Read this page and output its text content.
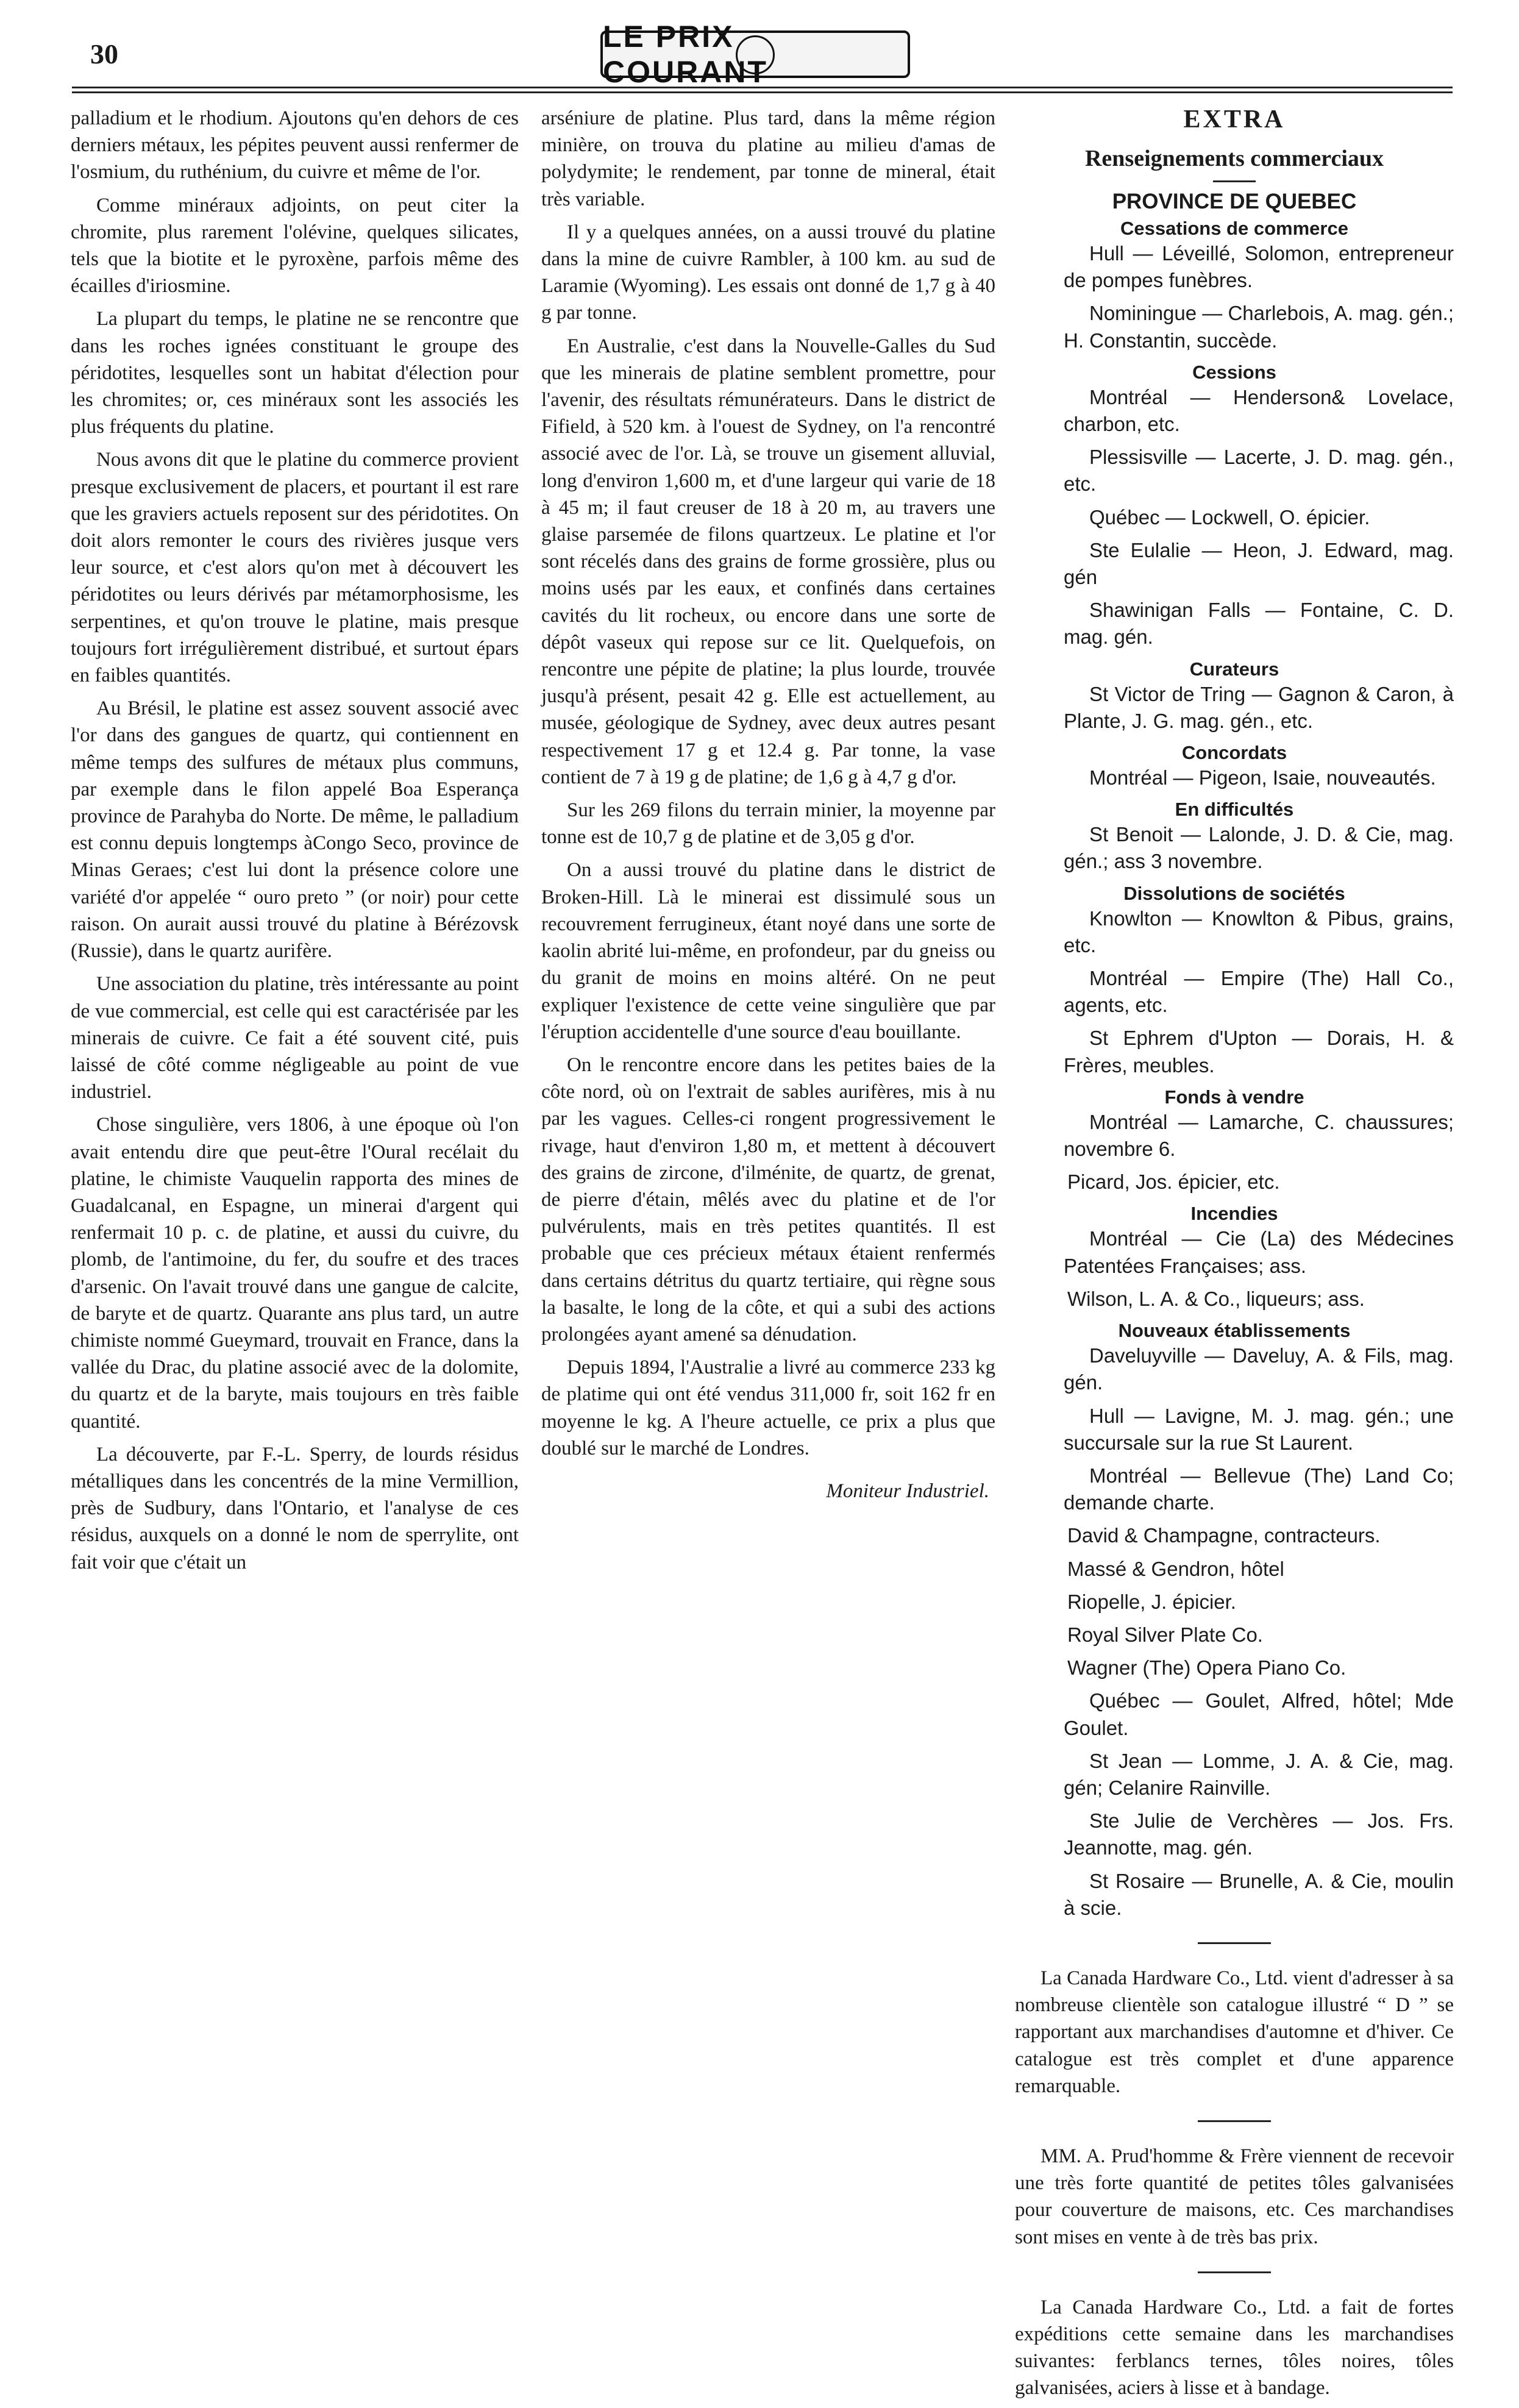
30
LE PRIX COURANT

palladium et le rhodium. Ajoutons qu'en dehors de ces derniers métaux, les pépites peuvent aussi renfermer de l'osmium, du ruthénium, du cuivre et même de l'or.

Comme minéraux adjoints, on peut citer la chromite, plus rarement l'olévine, quelques silicates, tels que la biotite et le pyroxène, parfois même des écailles d'iriosmine.

La plupart du temps, le platine ne se rencontre que dans les roches ignées constituant le groupe des péridotites, lesquelles sont un habitat d'élection pour les chromites; or, ces minéraux sont les associés les plus fréquents du platine.

Nous avons dit que le platine du commerce provient presque exclusivement de placers, et pourtant il est rare que les graviers actuels reposent sur des péridotites. On doit alors remonter le cours des rivières jusque vers leur source, et c'est alors qu'on met à découvert les péridotites ou leurs dérivés par métamorphosisme, les serpentines, et qu'on trouve le platine, mais presque toujours fort irrégulièrement distribué, et surtout épars en faibles quantités.

Au Brésil, le platine est assez souvent associé avec l'or dans des gangues de quartz, qui contiennent en même temps des sulfures de métaux plus communs, par exemple dans le filon appelé Boa Esperança province de Parahyba do Norte. De même, le palladium est connu depuis longtemps àCongo Seco, province de Minas Geraes; c'est lui dont la présence colore une variété d'or appelée “ ouro preto ” (or noir) pour cette raison. On aurait aussi trouvé du platine à Bérézovsk (Russie), dans le quartz aurifère.

Une association du platine, très intéressante au point de vue commercial, est celle qui est caractérisée par les minerais de cuivre. Ce fait a été souvent cité, puis laissé de côté comme négligeable au point de vue industriel.

Chose singulière, vers 1806, à une époque où l'on avait entendu dire que peut-être l'Oural recélait du platine, le chimiste Vauquelin rapporta des mines de Guadalcanal, en Espagne, un minerai d'argent qui renfermait 10 p. c. de platine, et aussi du cuivre, du plomb, de l'antimoine, du fer, du soufre et des traces d'arsenic. On l'avait trouvé dans une gangue de calcite, de baryte et de quartz. Quarante ans plus tard, un autre chimiste nommé Gueymard, trouvait en France, dans la vallée du Drac, du platine associé avec de la dolomite, du quartz et de la baryte, mais toujours en très faible quantité.

La découverte, par F.-L. Sperry, de lourds résidus métalliques dans les concentrés de la mine Vermillion, près de Sudbury, dans l'Ontario, et l'analyse de ces résidus, auxquels on a donné le nom de sperrylite, ont fait voir que c'était un

arséniure de platine. Plus tard, dans la même région minière, on trouva du platine au milieu d'amas de polydymite; le rendement, par tonne de mineral, était très variable.

Il y a quelques années, on a aussi trouvé du platine dans la mine de cuivre Rambler, à 100 km. au sud de Laramie (Wyoming). Les essais ont donné de 1,7 g à 40 g par tonne.

En Australie, c'est dans la Nouvelle-Galles du Sud que les minerais de platine semblent promettre, pour l'avenir, des résultats rémunérateurs. Dans le district de Fifield, à 520 km. à l'ouest de Sydney, on l'a rencontré associé avec de l'or. Là, se trouve un gisement alluvial, long d'environ 1,600 m, et d'une largeur qui varie de 18 à 45 m; il faut creuser de 18 à 20 m, au travers une glaise parsemée de filons quartzeux. Le platine et l'or sont récelés dans des grains de forme grossière, plus ou moins usés par les eaux, et confinés dans certaines cavités du lit rocheux, ou encore dans une sorte de dépôt vaseux qui repose sur ce lit. Quelquefois, on rencontre une pépite de platine; la plus lourde, trouvée jusqu'à présent, pesait 42 g. Elle est actuellement, au musée, géologique de Sydney, avec deux autres pesant respectivement 17 g et 12.4 g. Par tonne, la vase contient de 7 à 19 g de platine; de 1,6 g à 4,7 g d'or.

Sur les 269 filons du terrain minier, la moyenne par tonne est de 10,7 g de platine et de 3,05 g d'or.

On a aussi trouvé du platine dans le district de Broken-Hill. Là le minerai est dissimulé sous un recouvrement ferrugineux, étant noyé dans une sorte de kaolin abrité lui-même, en profondeur, par du gneiss ou du granit de moins en moins altéré. On ne peut expliquer l'existence de cette veine singulière que par l'éruption accidentelle d'une source d'eau bouillante.

On le rencontre encore dans les petites baies de la côte nord, où on l'extrait de sables aurifères, mis à nu par les vagues. Celles-ci rongent progressivement le rivage, haut d'environ 1,80 m, et mettent à découvert des grains de zircone, d'ilménite, de quartz, de grenat, de pierre d'étain, mêlés avec du platine et de l'or pulvérulents, mais en très petites quantités. Il est probable que ces précieux métaux étaient renfermés dans certains détritus du quartz tertiaire, qui règne sous la basalte, le long de la côte, et qui a subi des actions prolongées ayant amené sa dénudation.

Depuis 1894, l'Australie a livré au commerce 233 kg de platime qui ont été vendus 311,000 fr, soit 162 fr en moyenne le kg. A l'heure actuelle, ce prix a plus que doublé sur le marché de Londres.

Moniteur Industriel.

EXTRA
Renseignements commerciaux
PROVINCE DE QUEBEC
Cessations de commerce

Hull — Léveillé, Solomon, entrepreneur de pompes funèbres.

Nominingue — Charlebois, A. mag. gén.; H. Constantin, succède.

Cessions

Montréal — Henderson& Lovelace, charbon, etc.

Plessisville — Lacerte, J. D. mag. gén., etc.

Québec — Lockwell, O. épicier.

Ste Eulalie — Heon, J. Edward, mag. gén

Shawinigan Falls — Fontaine, C. D. mag. gén.

Curateurs

St Victor de Tring — Gagnon & Caron, à Plante, J. G. mag. gén., etc.

Concordats

Montréal — Pigeon, Isaie, nouveautés.

En difficultés

St Benoit — Lalonde, J. D. & Cie, mag. gén.; ass 3 novembre.

Dissolutions de sociétés

Knowlton — Knowlton & Pibus, grains, etc.

Montréal — Empire (The) Hall Co., agents, etc.

St Ephrem d'Upton — Dorais, H. & Frères, meubles.

Fonds à vendre

Montréal — Lamarche, C. chaussures; novembre 6.

Picard, Jos. épicier, etc.

Incendies

Montréal — Cie (La) des Médecines Patentées Françaises; ass.

Wilson, L. A. & Co., liqueurs; ass.

Nouveaux établissements

Daveluyville — Daveluy, A. & Fils, mag. gén.

Hull — Lavigne, M. J. mag. gén.; une succursale sur la rue St Laurent.

Montréal — Bellevue (The) Land Co; demande charte.

David & Champagne, contracteurs.

Massé & Gendron, hôtel

Riopelle, J. épicier.

Royal Silver Plate Co.

Wagner (The) Opera Piano Co.

Québec — Goulet, Alfred, hôtel; Mde Goulet.

St Jean — Lomme, J. A. & Cie, mag. gén; Celanire Rainville.

Ste Julie de Verchères — Jos. Frs. Jeannotte, mag. gén.

St Rosaire — Brunelle, A. & Cie, moulin à scie.

La Canada Hardware Co., Ltd. vient d'adresser à sa nombreuse clientèle son catalogue illustré “ D ” se rapportant aux marchandises d'automne et d'hiver. Ce catalogue est très complet et d'une apparence remarquable.

MM. A. Prud'homme & Frère viennent de recevoir une très forte quantité de petites tôles galvanisées pour couverture de maisons, etc. Ces marchandises sont mises en vente à de très bas prix.

La Canada Hardware Co., Ltd. a fait de fortes expéditions cette semaine dans les marchandises suivantes: ferblancs ternes, tôles noires, tôles galvanisées, aciers à lisse et à bandage.
